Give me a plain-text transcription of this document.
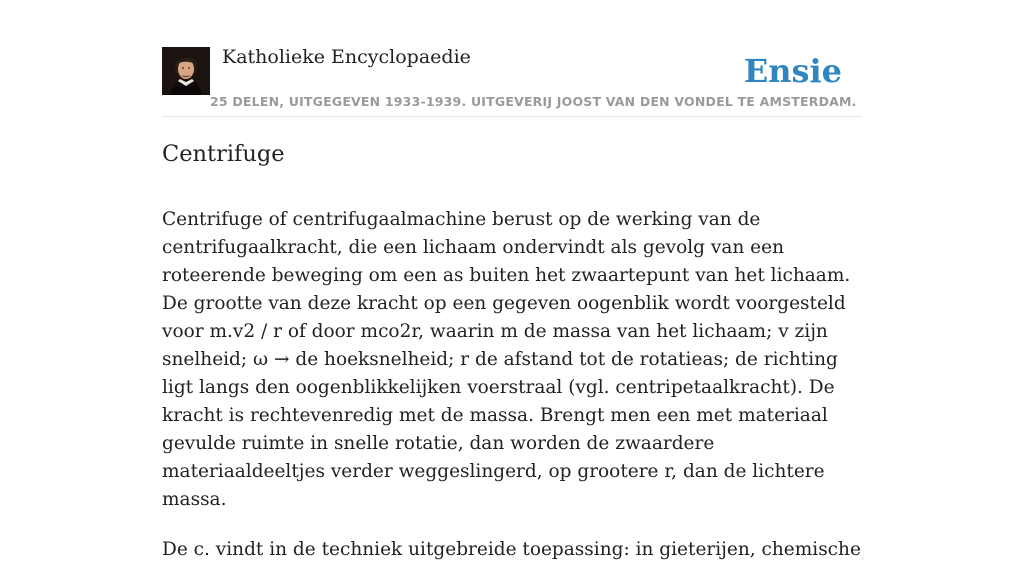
Katholieke Encyclopaedie
25 DELEN, UITGEGEVEN 1933-1939. UITGEVERIJ JOOST VAN DEN VONDEL TE AMSTERDAM.
Ensie
Centrifuge

Centrifuge of centrifugaalmachine berust op de werking van de centrifugaalkracht, die een lichaam ondervindt als gevolg van een roteerende beweging om een as buiten het zwaartepunt van het lichaam. De grootte van deze kracht op een gegeven oogenblik wordt voorgesteld voor m.v2 / r of door mco2r, waarin m de massa van het lichaam; v zijn snelheid; ω → de hoeksnelheid; r de afstand tot de rotatieas; de richting ligt langs den oogenblikkelijken voerstraal (vgl. centripetaalkracht). De kracht is rechtevenredig met de massa. Brengt men een met materiaal gevulde ruimte in snelle rotatie, dan worden de zwaardere materiaaldeeltjes verder weggeslingerd, op grootere r, dan de lichtere massa.

De c. vindt in de techniek uitgebreide toepassing: in gieterijen, chemische
